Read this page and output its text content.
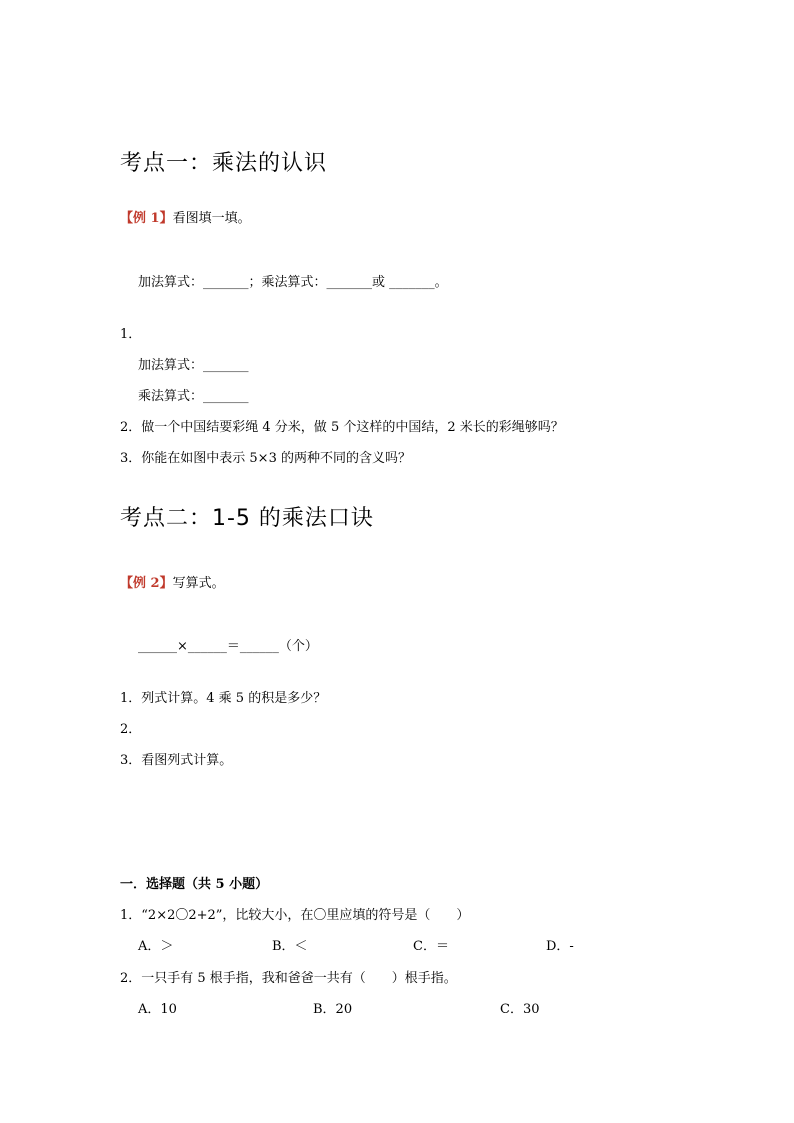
考点一：乘法的认识
【例 1】看图填一填。
加法算式：_______；乘法算式：_______或 _______。
1．
加法算式：_______
乘法算式：_______
2．做一个中国结要彩绳 4 分米，做 5 个这样的中国结，2 米长的彩绳够吗？
3．你能在如图中表示 5×3 的两种不同的含义吗？
考点二：1-5 的乘法口诀
【例 2】写算式。
______×______＝______（个）
1．列式计算。4 乘 5 的积是多少？
2．
3．看图列式计算。
一．选择题（共 5 小题）
1．“2×2〇2+2”，比较大小，在〇里应填的符号是（　　）
A．＞	B．＜	C．＝	D．-
2．一只手有 5 根手指，我和爸爸一共有（　　）根手指。
A．10	B．20	C．30
